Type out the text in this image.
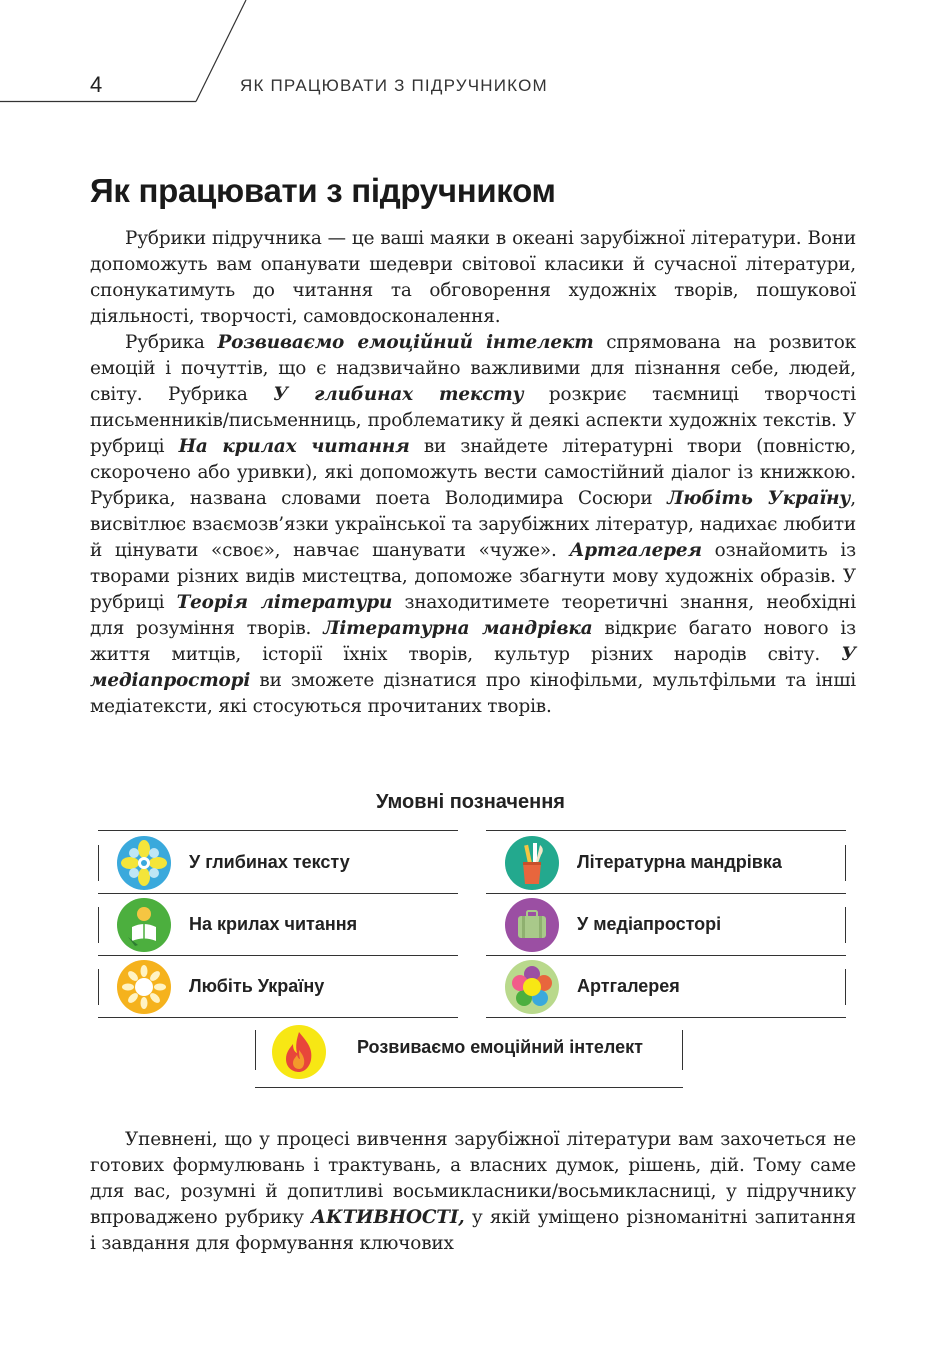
4	ЯК ПРАЦЮВАТИ З ПІДРУЧНИКОМ
Як працювати з підручником

Рубрики підручника — це ваші маяки в океані зарубіжної літератури. Вони допоможуть вам опанувати шедеври світової класики й сучасної літератури, спонукатимуть до читання та обговорення художніх творів, пошукової діяльності, творчості, самовдосконалення.

Рубрика Розвиваємо емоційний інтелект спрямована на розвиток емоцій і почуттів, що є надзвичайно важливими для пізнання себе, людей, світу. Рубрика У глибинах тексту розкриє таємниці творчості письменників/письменниць, проблематику й деякі аспекти художніх текстів. У рубриці На крилах читання ви знайдете літературні твори (повністю, скорочено або уривки), які допоможуть вести самостійний діалог із книжкою. Рубрика, названа словами поета Володимира Сосюри Любіть Україну, висвітлює взаємозв’язки української та зарубіжних літератур, надихає любити й цінувати «своє», навчає шанувати «чуже». Артгалерея ознайомить із творами різних видів мистецтва, допоможе збагнути мову художніх образів. У рубриці Теорія літератури знаходитимете теоретичні знання, необхідні для розуміння творів. Літературна мандрівка відкриє багато нового із життя митців, історії їхніх творів, культур різних народів світу. У медіапросторі ви зможете дізнатися про кінофільми, мультфільми та інші медіатексти, які стосуються прочитаних творів.

Умовні позначення
У глибинах тексту	Літературна мандрівка
На крилах читання	У медіапросторі
Любіть Україну	Артгалерея
Розвиваємо емоційний інтелект

Упевнені, що у процесі вивчення зарубіжної літератури вам захочеться не готових формулювань і трактувань, а власних думок, рішень, дій. Тому саме для вас, розумні й допитливі восьмикласники/восьмикласниці, у підручнику впроваджено рубрику АКТИВНОСТІ, у якій уміщено різноманітні запитання і завдання для формування ключових
